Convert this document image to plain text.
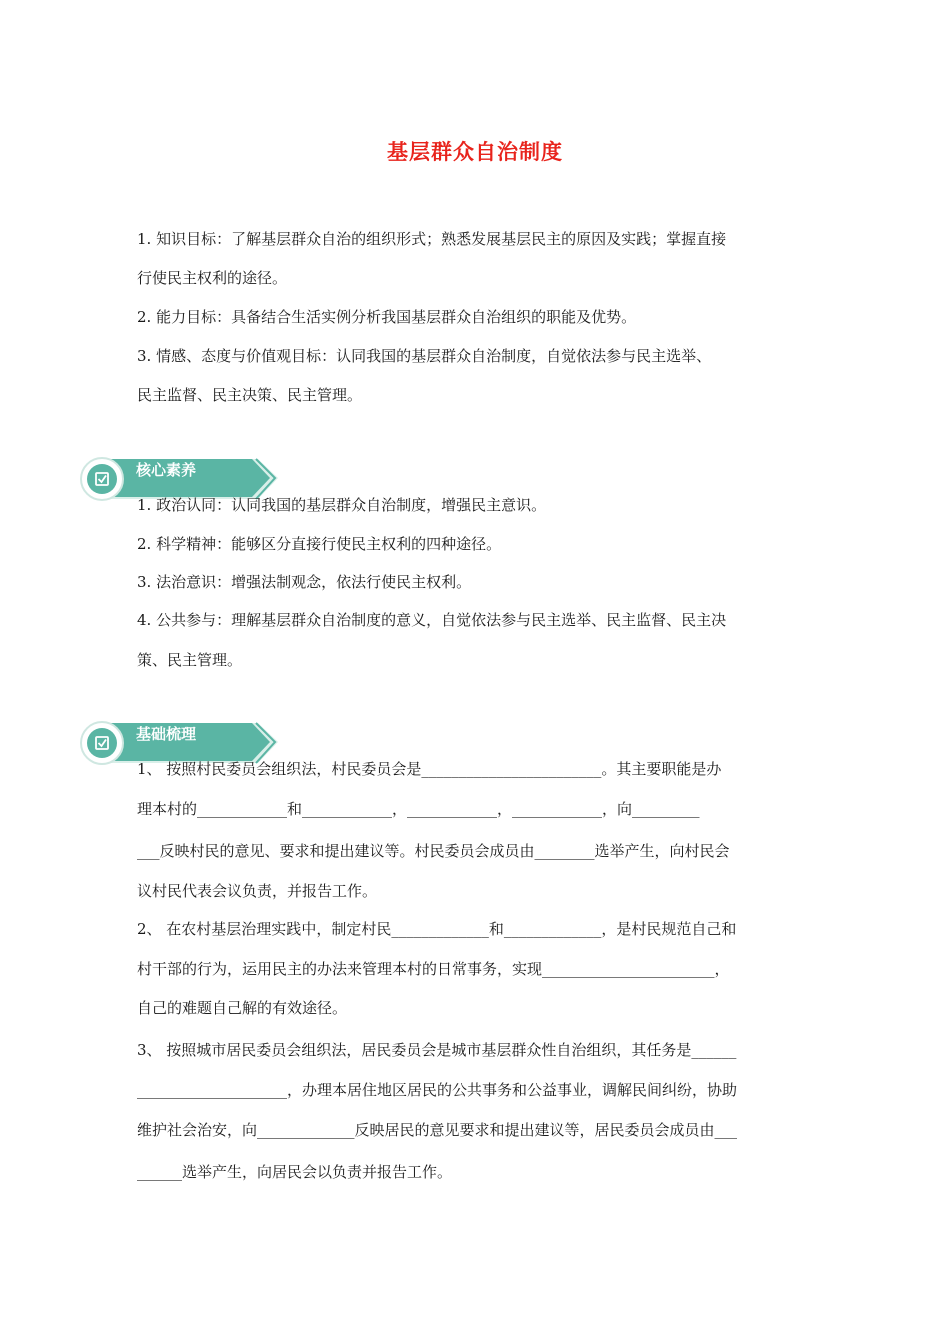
基层群众自治制度
1. 知识目标：了解基层群众自治的组织形式；熟悉发展基层民主的原因及实践；掌握直接
行使民主权利的途径。
2. 能力目标：具备结合生活实例分析我国基层群众自治组织的职能及优势。
3. 情感、态度与价值观目标：认同我国的基层群众自治制度，自觉依法参与民主选举、
民主监督、民主决策、民主管理。
核心素养
1. 政治认同：认同我国的基层群众自治制度，增强民主意识。
2. 科学精神：能够区分直接行使民主权利的四种途径。
3. 法治意识：增强法制观念，依法行使民主权利。
4. 公共参与：理解基层群众自治制度的意义，自觉依法参与民主选举、民主监督、民主决
策、民主管理。
基础梳理
1、 按照村民委员会组织法，村民委员会是________________________。其主要职能是办
理本村的____________和____________，____________，____________，向_________
___反映村民的意见、要求和提出建议等。村民委员会成员由________选举产生，向村民会
议村民代表会议负责，并报告工作。
2、 在农村基层治理实践中，制定村民_____________和_____________，是村民规范自己和
村干部的行为，运用民主的办法来管理本村的日常事务，实现_______________________，
自己的难题自己解的有效途径。
3、 按照城市居民委员会组织法，居民委员会是城市基层群众性自治组织，其任务是______
____________________，办理本居住地区居民的公共事务和公益事业，调解民间纠纷，协助
维护社会治安，向_____________反映居民的意见要求和提出建议等，居民委员会成员由___
______选举产生，向居民会以负责并报告工作。
